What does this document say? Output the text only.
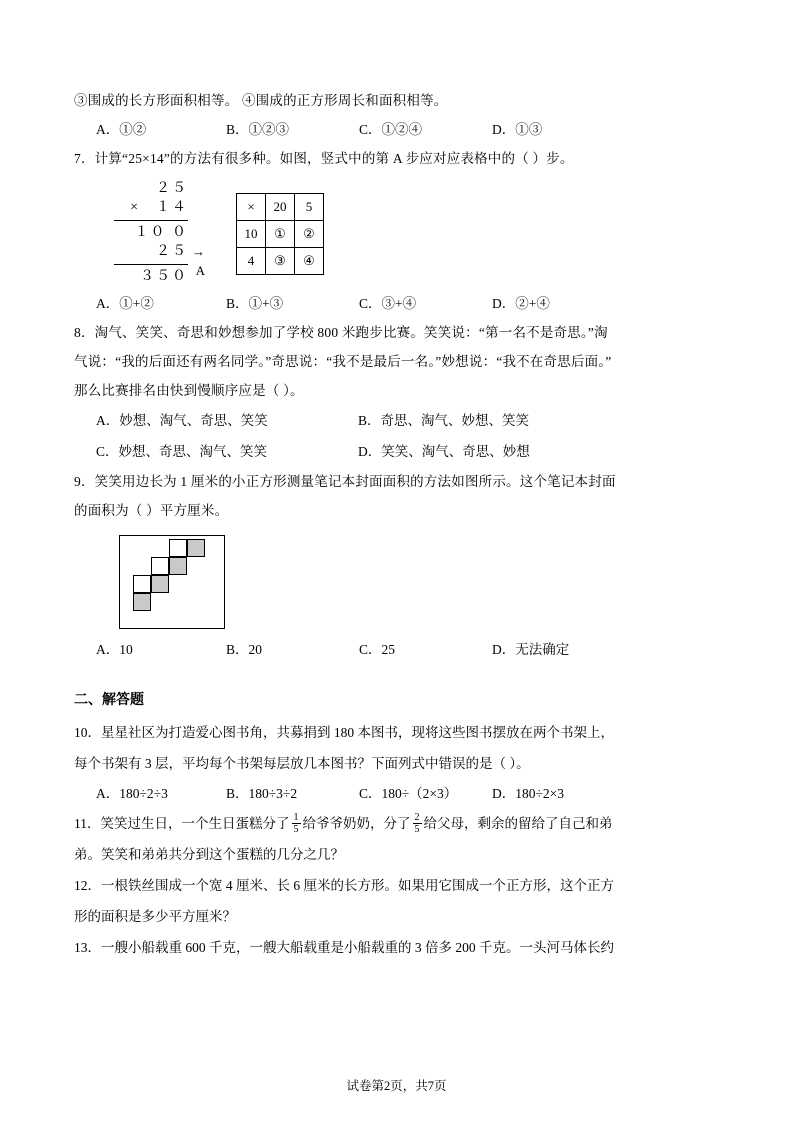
③围成的长方形面积相等。 ④围成的正方形周长和面积相等。
A．①②	B．①②③	C．①②④	D．①③
7．计算“25×14”的方法有很多种。如图，竖式中的第 A 步应对应表格中的（ ）步。
２５
×　１４
１０ ０
２５ → A
３５０
×	20	5
10	①	②
4	③	④
A．①+②	B．①+③	C．③+④	D．②+④
8．淘气、笑笑、奇思和妙想参加了学校 800 米跑步比赛。笑笑说：“第一名不是奇思。”淘
气说：“我的后面还有两名同学。”奇思说：“我不是最后一名。”妙想说：“我不在奇思后面。”
那么比赛排名由快到慢顺序应是（ ）。
A．妙想、淘气、奇思、笑笑	B．奇思、淘气、妙想、笑笑
C．妙想、奇思、淘气、笑笑	D．笑笑、淘气、奇思、妙想
9．笑笑用边长为 1 厘米的小正方形测量笔记本封面面积的方法如图所示。这个笔记本封面
的面积为（ ）平方厘米。
A．10	B．20	C．25	D．无法确定
二、解答题
10．星星社区为打造爱心图书角，共募捐到 180 本图书，现将这些图书摆放在两个书架上，
每个书架有 3 层，平均每个书架每层放几本图书？下面列式中错误的是（ ）。
A．180÷2÷3	B．180÷3÷2	C．180÷（2×3）	D．180÷2×3
11．笑笑过生日，一个生日蛋糕分了 $\frac{1}{5}$ 给爷爷奶奶，分了 $\frac{2}{5}$ 给父母，剩余的留给了自己和弟
弟。笑笑和弟弟共分到这个蛋糕的几分之几？
12．一根铁丝围成一个宽 4 厘米、长 6 厘米的长方形。如果用它围成一个正方形，这个正方
形的面积是多少平方厘米？
13．一艘小船载重 600 千克，一艘大船载重是小船载重的 3 倍多 200 千克。一头河马体长约
试卷第2页，共7页
